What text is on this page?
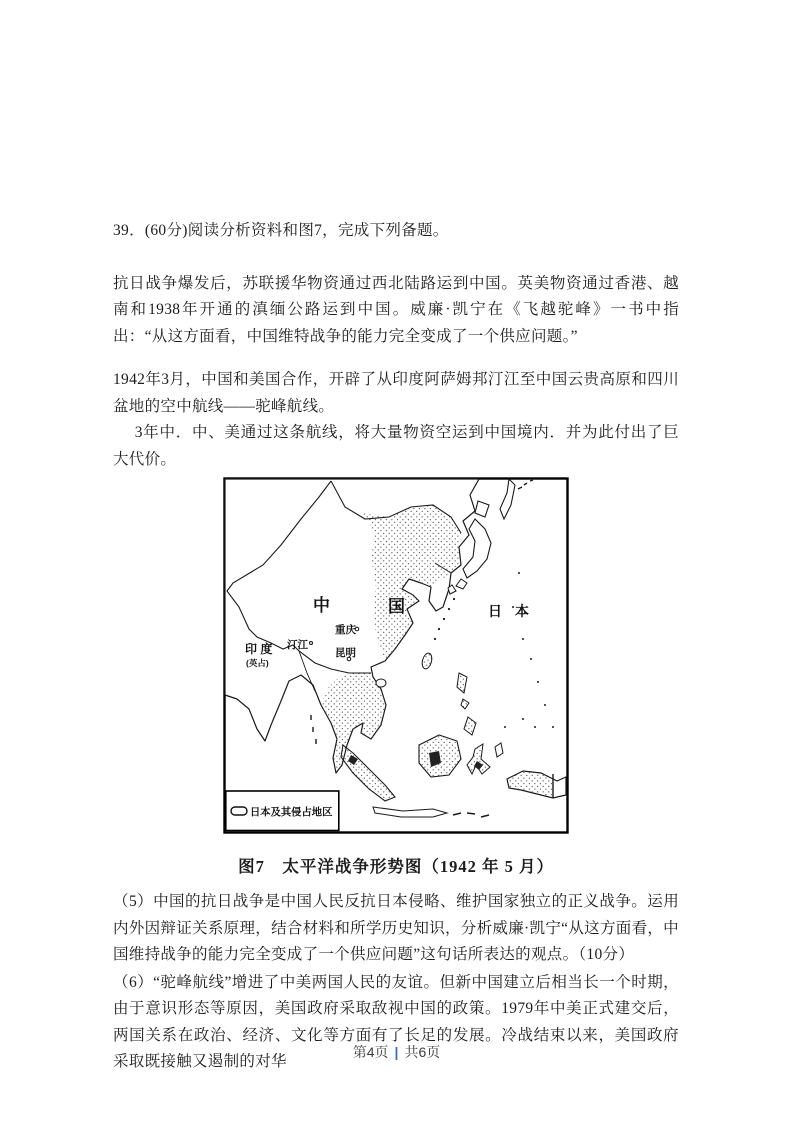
39．(60分)阅读分析资料和图7，完成下列备题。

抗日战争爆发后，苏联援华物资通过西北陆路运到中国。英美物资通过香港、越南和1938年开通的滇缅公路运到中国。威廉·凯宁在《飞越驼峰》一书中指出：“从这方面看，中国维特战争的能力完全变成了一个供应问题。”

1942年3月，中国和美国合作，开辟了从印度阿萨姆邦汀江至中国云贵高原和四川盆地的空中航线——驼峰航线。

3年中．中、美通过这条航线，将大量物资空运到中国境内．并为此付出了巨大代价。

中	国	日 本
印 度
(英占)
汀江
重庆
昆明
日本及其侵占地区
图7　太平洋战争形势图（1942 年 5 月）

（5）中国的抗日战争是中国人民反抗日本侵略、维护国家独立的正义战争。运用内外因辩证关系原理，结合材料和所学历史知识，分析威廉·凯宁“从这方面看，中国维持战争的能力完全变成了一个供应问题”这句话所表达的观点。（10分）

（6）“驼峰航线”增进了中美两国人民的友谊。但新中国建立后相当长一个时期，由于意识形态等原因，美国政府采取敌视中国的政策。1979年中美正式建交后，两国关系在政治、经济、文化等方面有了长足的发展。冷战结束以来，美国政府采取既接触又遏制的对华

第4页 | 共6页
